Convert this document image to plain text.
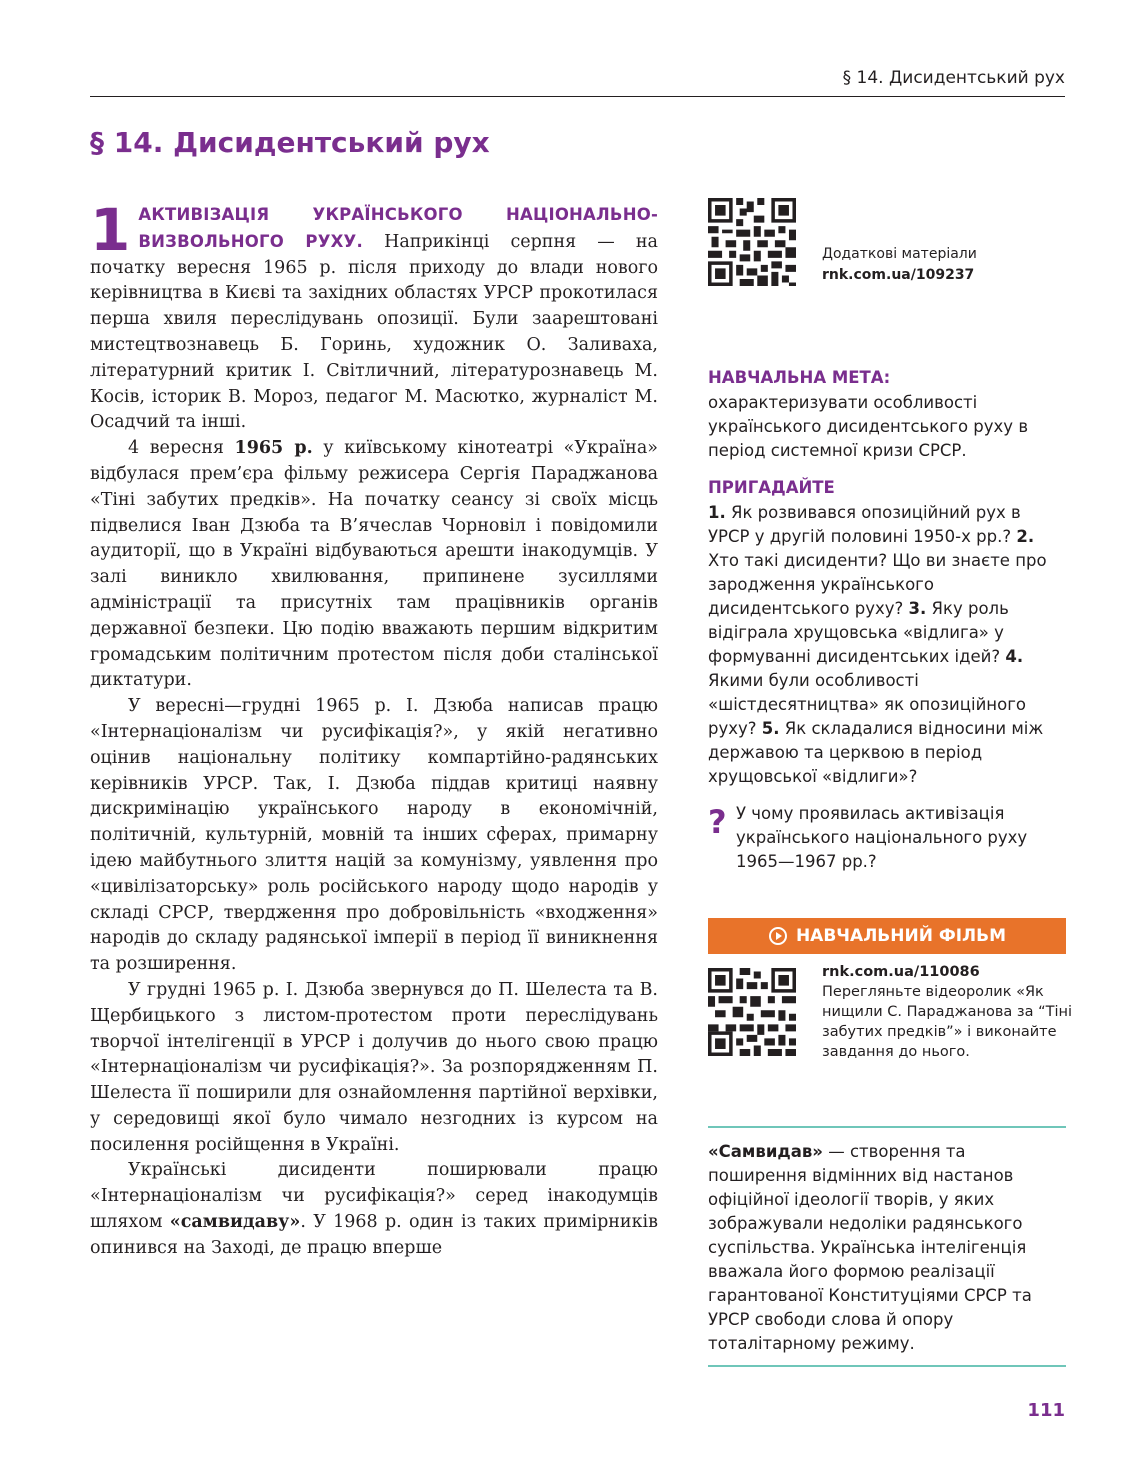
§ 14. Дисидентський рух
§ 14. Дисидентський рух

1 АКТИВІЗАЦІЯ УКРАЇНСЬКОГО НАЦІОНАЛЬНО-ВИЗВОЛЬНОГО РУХУ. Наприкінці серпня — на початку вересня 1965 р. після приходу до влади нового керівництва в Києві та західних областях УРСР прокотилася перша хвиля переслідувань опозиції. Були заарештовані мистецтвознавець Б. Горинь, художник О. Заливаха, літературний критик І. Світличний, літературознавець М. Косів, історик В. Мороз, педагог М. Масютко, журналіст М. Осадчий та інші.

4 вересня 1965 р. у київському кінотеатрі «Україна» відбулася прем’єра фільму режисера Сергія Параджанова «Тіні забутих предків». На початку сеансу зі своїх місць підвелися Іван Дзюба та В’ячеслав Чорновіл і повідомили аудиторії, що в Україні відбуваються арешти інакодумців. У залі виникло хвилювання, припинене зусиллями адміністрації та присутніх там працівників органів державної безпеки. Цю подію вважають першим відкритим громадським політичним протестом після доби сталінської диктатури.

У вересні—грудні 1965 р. І. Дзюба написав працю «Інтернаціоналізм чи русифікація?», у якій негативно оцінив національну політику компартійно-радянських керівників УРСР. Так, І. Дзюба піддав критиці наявну дискримінацію українського народу в економічній, політичній, культурній, мовній та інших сферах, примарну ідею майбутнього злиття націй за комунізму, уявлення про «цивілізаторську» роль російського народу щодо народів у складі СРСР, твердження про добровільність «входження» народів до складу радянської імперії в період її виникнення та розширення.

У грудні 1965 р. І. Дзюба звернувся до П. Шелеста та В. Щербицького з листом-протестом проти переслідувань творчої інтелігенції в УРСР і долучив до нього свою працю «Інтернаціоналізм чи русифікація?». За розпорядженням П. Шелеста її поширили для ознайомлення партійної верхівки, у середовищі якої було чимало незгодних із курсом на посилення російщення в Україні.

Українські дисиденти поширювали працю «Інтернаціоналізм чи русифікація?» серед інакодумців шляхом «самвидаву». У 1968 р. один із таких примірників опинився на Заході, де працю вперше

Додаткові матеріали
rnk.com.ua/109237

НАВЧАЛЬНА МЕТА:

охарактеризувати особливості українського дисидентського руху в період системної кризи СРСР.

ПРИГАДАЙТЕ

1. Як розвивався опозиційний рух в УРСР у другій половині 1950-х рр.? 2. Хто такі дисиденти? Що ви знаєте про зародження українського дисидентського руху? 3. Яку роль відіграла хрущовська «відлига» у формуванні дисидентських ідей? 4. Якими були особливості «шістдесятництва» як опозиційного руху? 5. Як складалися відносини між державою та церквою в період хрущовської «відлиги»?

? У чому проявилась активізація українського національного руху 1965—1967 рр.?

НАВЧАЛЬНИЙ ФІЛЬМ
rnk.com.ua/110086
Перегляньте відеоролик «Як нищили С. Параджанова за “Тіні забутих предків”» і виконайте завдання до нього.

«Самвидав» — створення та поширення відмінних від настанов офіційної ідеології творів, у яких зображували недоліки радянського суспільства. Українська інтелігенція вважала його формою реалізації гарантованої Конституціями СРСР та УРСР свободи слова й опору тоталітарному режиму.

111
